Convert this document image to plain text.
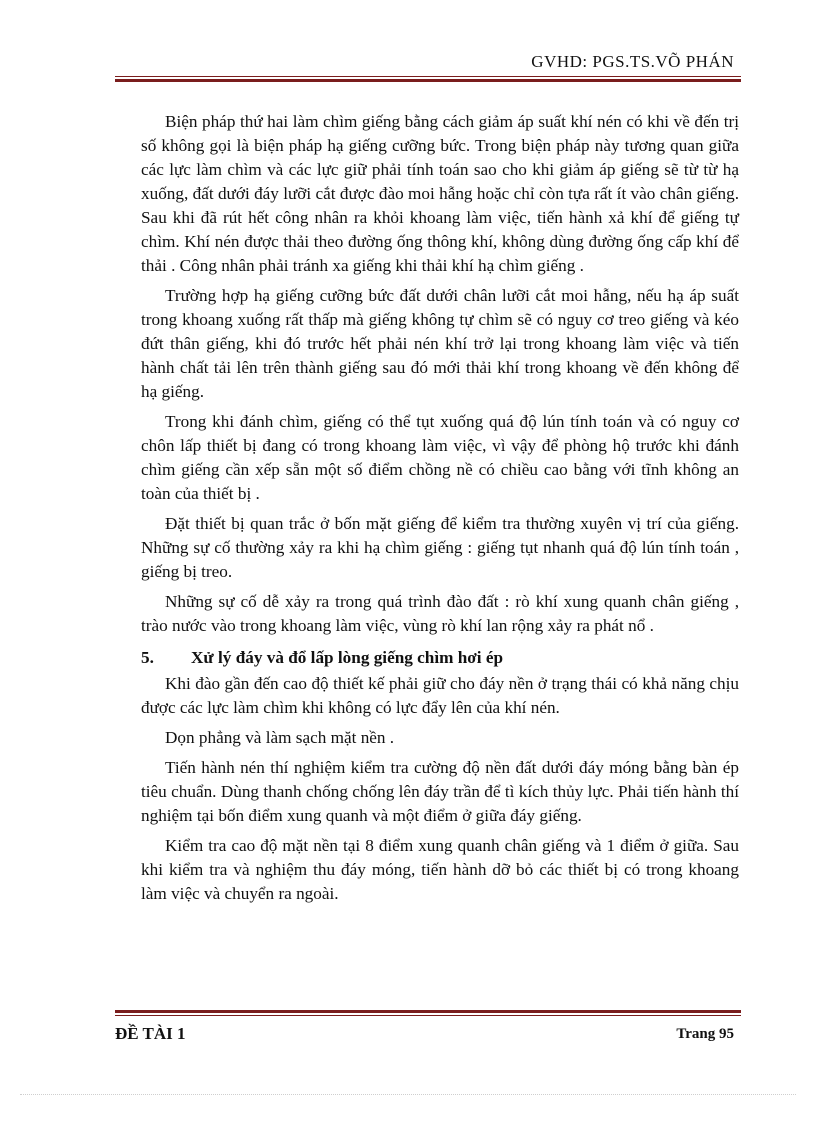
GVHD: PGS.TS.VÕ PHÁN

Biện pháp thứ hai làm chìm giếng bằng cách giảm áp suất khí nén có khi về đến trị số không gọi là biện pháp hạ giếng cưỡng bức. Trong biện pháp này tương quan giữa các lực làm chìm và các lực giữ phải tính toán sao cho khi giảm áp giếng sẽ từ từ hạ xuống, đất dưới đáy lưỡi cắt được đào moi hẫng hoặc chỉ còn tựa rất ít vào chân giếng. Sau khi đã rút hết công nhân ra khỏi khoang làm việc, tiến hành xả khí để giếng tự chìm. Khí nén được thải theo đường ống thông khí, không dùng đường ống cấp khí để thải . Công nhân phải tránh xa giếng khi thải khí hạ chìm giếng .

Trường hợp hạ giếng cưỡng bức đất dưới chân lưỡi cắt moi hẫng, nếu hạ áp suất trong khoang xuống rất thấp mà giếng không tự chìm sẽ có nguy cơ treo giếng và kéo đứt thân giếng, khi đó trước hết phải nén khí trở lại trong khoang làm việc và tiến hành chất tải lên trên thành giếng sau đó mới thải khí trong khoang về đến không để hạ giếng.

Trong khi đánh chìm, giếng có thể tụt xuống quá độ lún tính toán và có nguy cơ chôn lấp thiết bị đang có trong khoang làm việc, vì vậy để phòng hộ trước khi đánh chìm giếng cần xếp sẵn một số điểm chồng nề có chiều cao bằng với tĩnh không an toàn của thiết bị .

Đặt thiết bị quan trắc ở bốn mặt giếng để kiểm tra thường xuyên vị trí của giếng. Những sự cố thường xảy ra khi hạ chìm giếng : giếng tụt nhanh quá độ lún tính toán , giếng bị treo.

Những sự cố dễ xảy ra trong quá trình đào đất : rò khí xung quanh chân giếng , trào nước vào trong khoang làm việc, vùng rò khí lan rộng xảy ra phát nổ .

5.	Xử lý đáy và đổ lấp lòng giếng chìm hơi ép

Khi đào gần đến cao độ thiết kế phải giữ cho đáy nền ở trạng thái có khả năng chịu được các lực làm chìm khi không có lực đẩy lên của khí nén.

Dọn phẳng và làm sạch mặt nền .

Tiến hành nén thí nghiệm kiểm tra cường độ nền đất dưới đáy móng bằng bàn ép tiêu chuẩn. Dùng thanh chống chống lên đáy trần để tì kích thủy lực. Phải tiến hành thí nghiệm tại bốn điểm xung quanh và một điểm ở giữa đáy giếng.

Kiểm tra cao độ mặt nền tại 8 điểm xung quanh chân giếng và 1 điểm ở giữa. Sau khi kiểm tra và nghiệm thu đáy móng, tiến hành dỡ bỏ các thiết bị có trong khoang làm việc và chuyển ra ngoài.

ĐỀ TÀI 1	Trang 95
